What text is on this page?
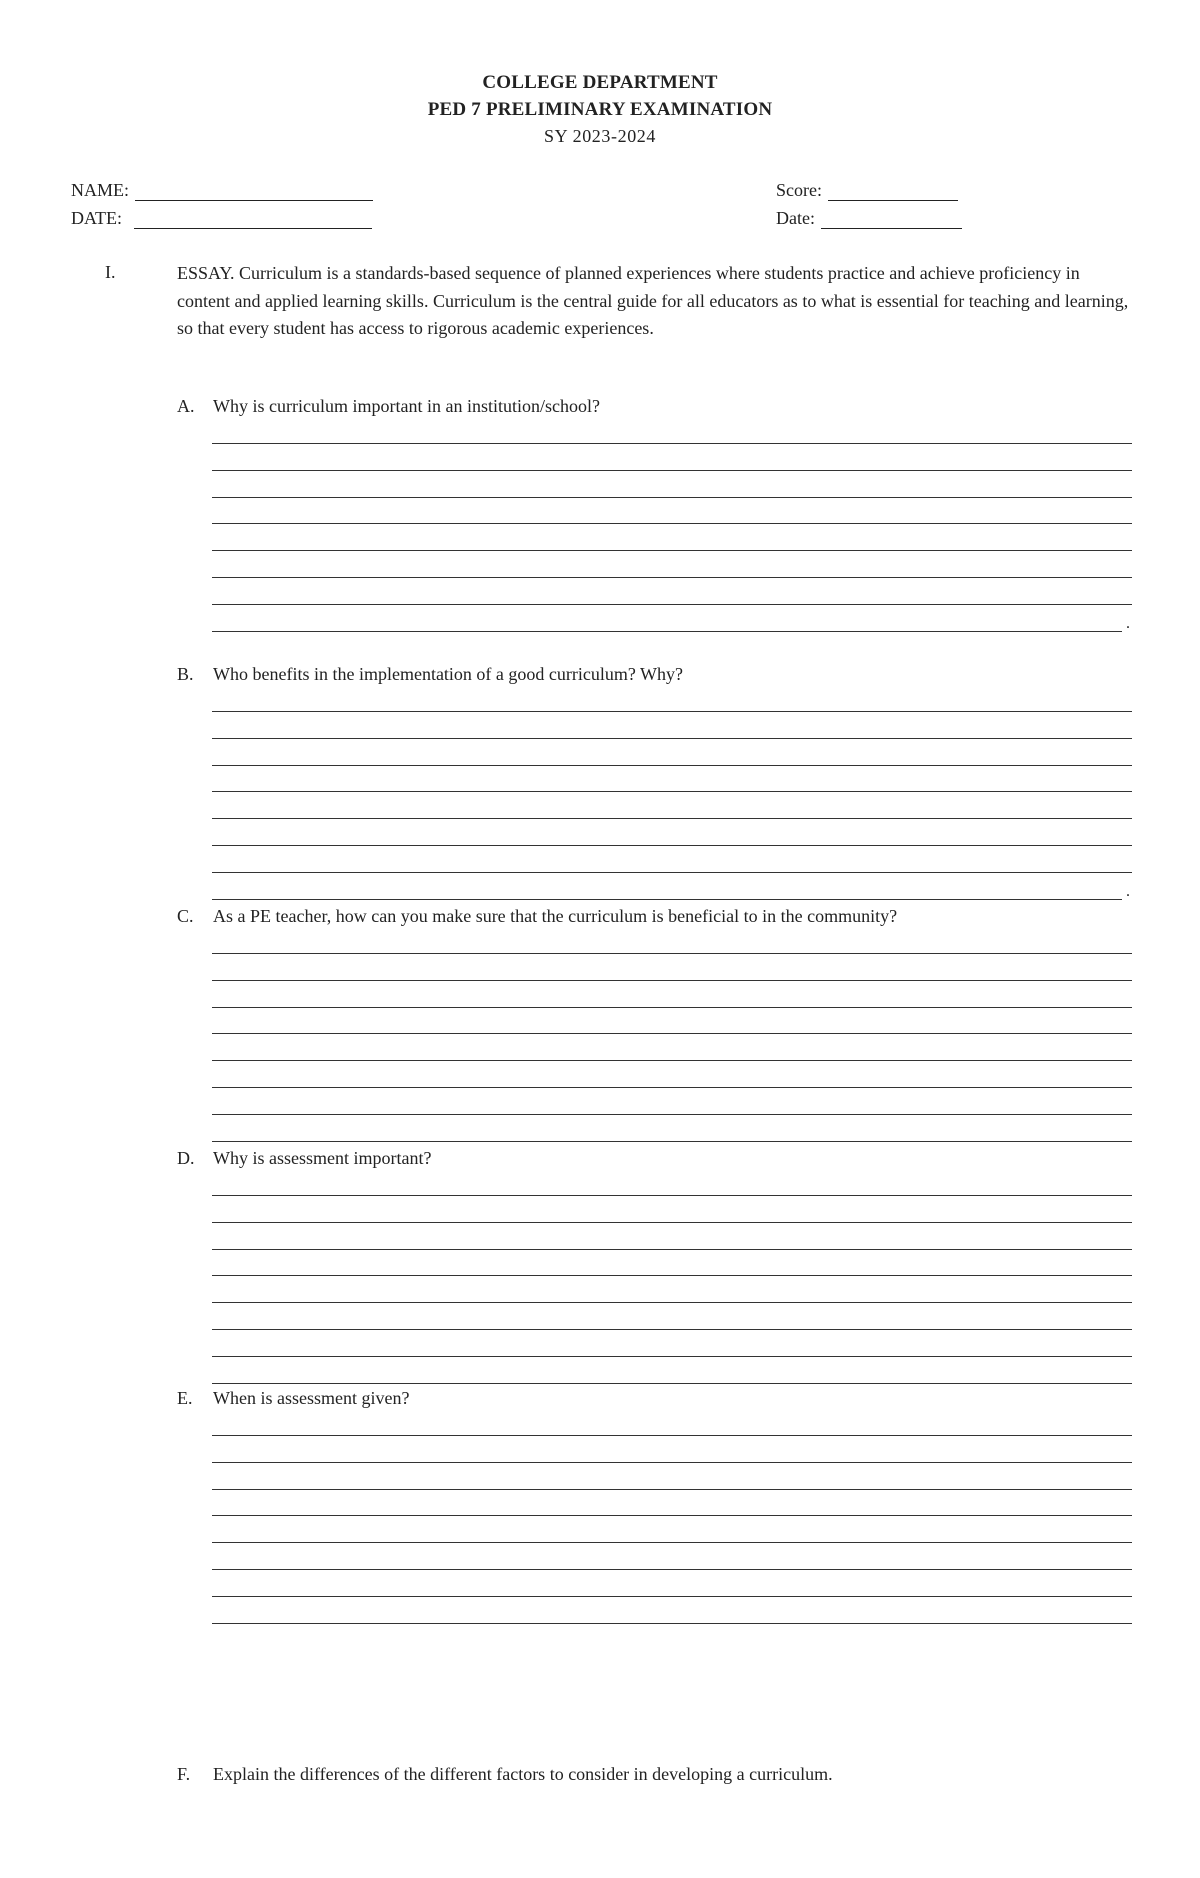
COLLEGE DEPARTMENT
PED 7 PRELIMINARY EXAMINATION
SY 2023-2024
NAME:
DATE:
Score:
Date:
I.	ESSAY. Curriculum is a standards-based sequence of planned experiences where students practice and achieve proficiency in content and applied learning skills. Curriculum is the central guide for all educators as to what is essential for teaching and learning, so that every student has access to rigorous academic experiences.
A.	Why is curriculum important in an institution/school?
.
B.	Who benefits in the implementation of a good curriculum? Why?
.
C.	As a PE teacher, how can you make sure that the curriculum is beneficial to in the community?
D.	Why is assessment important?
E.	When is assessment given?
F.	Explain the differences of the different factors to consider in developing a curriculum.
